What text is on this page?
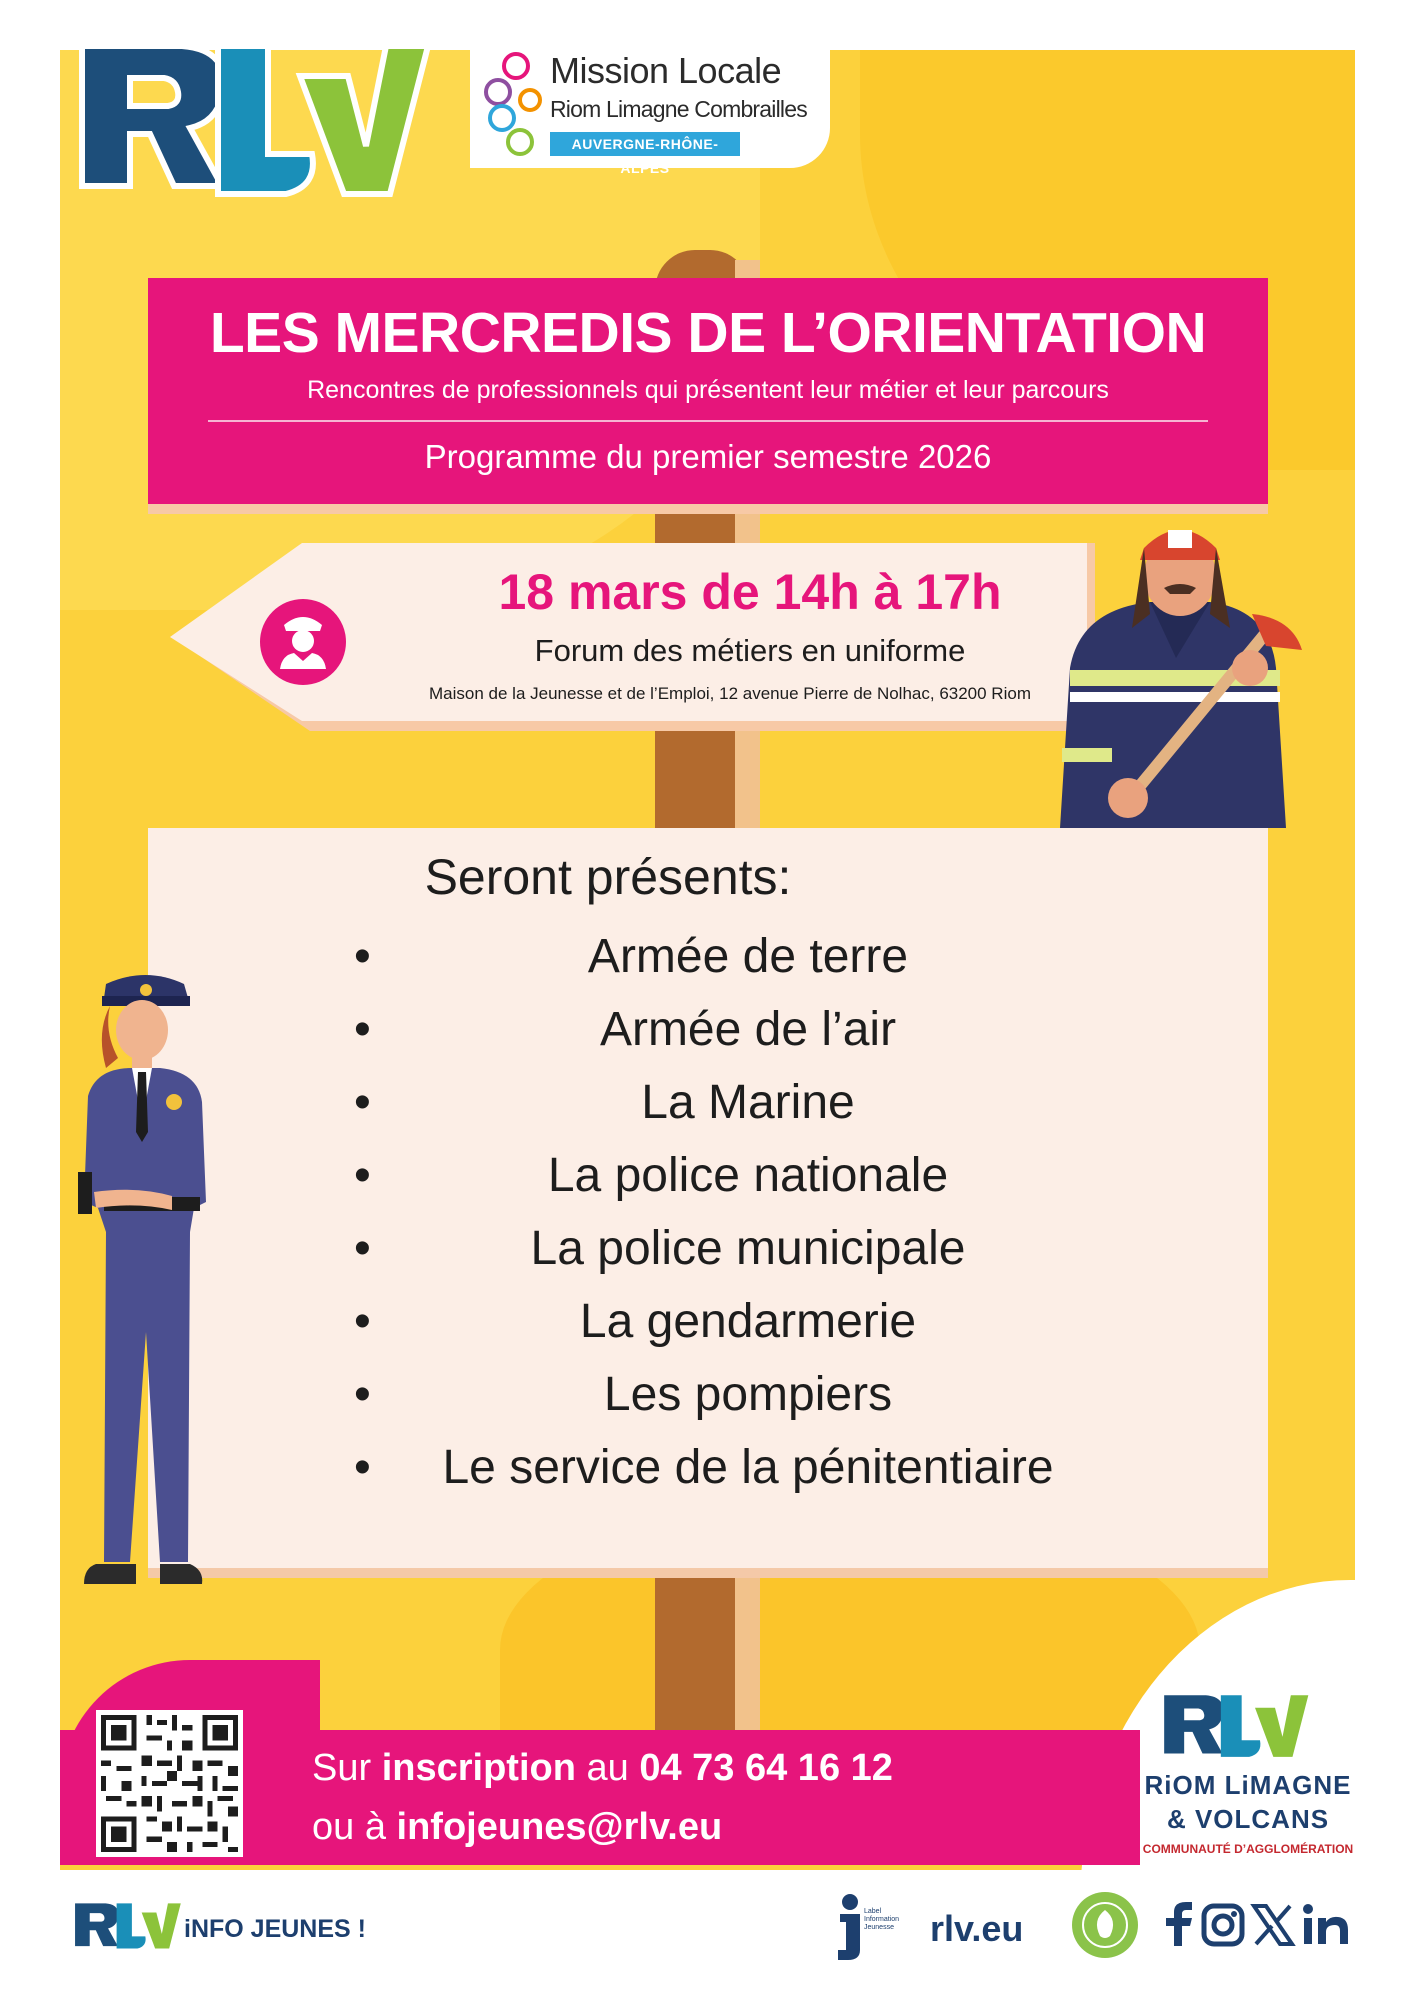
Mission Locale
Riom Limagne Combrailles
AUVERGNE-RHÔNE-ALPES
LES MERCREDIS DE L’ORIENTATION
Rencontres de professionnels qui présentent leur métier et leur parcours
Programme du premier semestre 2026
18 mars de 14h à 17h
Forum des métiers en uniforme
Maison de la Jeunesse et de l’Emploi, 12 avenue Pierre de Nolhac, 63200 Riom
Seront présents:
• Armée de terre
• Armée de l’air
• La Marine
• La police nationale
• La police municipale
• La gendarmerie
• Les pompiers
• Le service de la pénitentiaire
Sur inscription au 04 73 64 16 12
ou à infojeunes@rlv.eu
RiOM LiMAGNE
& VOLCANS
COMMUNAUTÉ D’AGGLOMÉRATION
iNFO JEUNES !
Label Information Jeunesse rlv.eu
